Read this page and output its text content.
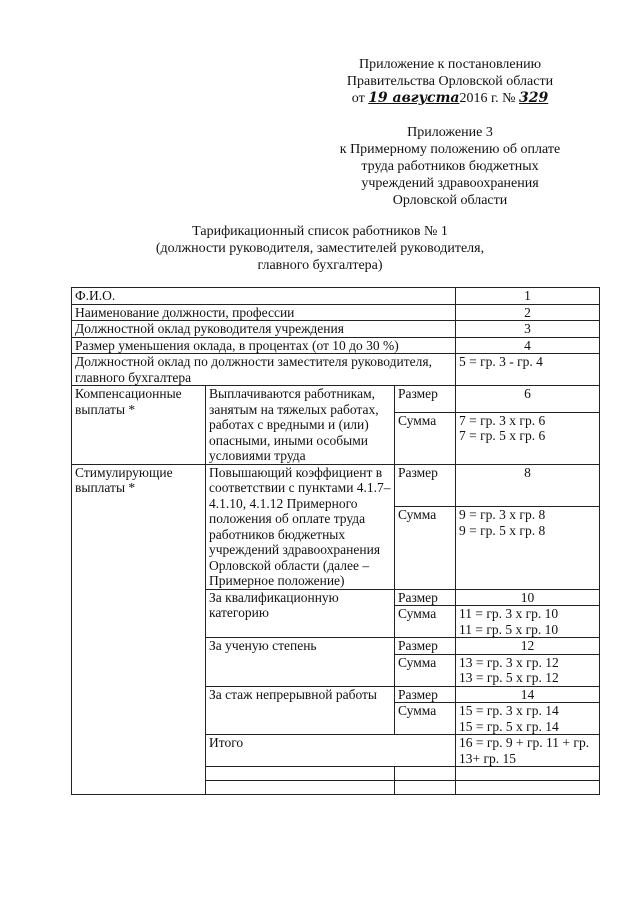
Приложение к постановлению
Правительства Орловской области
от 19 августа2016 г. № 329
Приложение 3
к Примерному положению об оплате
труда работников бюджетных
учреждений здравоохранения
Орловской области
Тарификационный список работников № 1
(должности руководителя, заместителей руководителя,
главного бухгалтера)
Ф.И.О.			1
Наименование должности, профессии			2
Должностной оклад руководителя учреждения			3
Размер уменьшения оклада, в процентах (от 10 до 30 %)			4
Должностной оклад по должности заместителя руководителя, главного бухгалтера			5 = гр. 3 - гр. 4
Компенсационные выплаты *	Выплачиваются работникам, занятым на тяжелых работах, работах с вредными и (или) опасными, иными особыми условиями труда	Размер	6
		Сумма	7 = гр. 3 х гр. 6
7 = гр. 5 х гр. 6

Стимулирующие выплаты *	Повышающий коэффициент в соответствии с пунктами 4.1.7–4.1.10, 4.1.12 Примерного положения об оплате труда работников бюджетных учреждений здравоохранения Орловской области (далее – Примерное положение)	Размер	8
		Сумма	9 = гр. 3 х гр. 8
9 = гр. 5 х гр. 8

	За квалификационную категорию	Размер	10
		Сумма	11 = гр. 3 х гр. 10
11 = гр. 5 х гр. 10

	За ученую степень	Размер	12
		Сумма	13 = гр. 3 х гр. 12
13 = гр. 5 х гр. 12

	За стаж непрерывной работы	Размер	14
		Сумма	15 = гр. 3 х гр. 14
15 = гр. 5 х гр. 14

	Итого		16 = гр. 9 + гр. 11 + гр. 13+ гр. 15
